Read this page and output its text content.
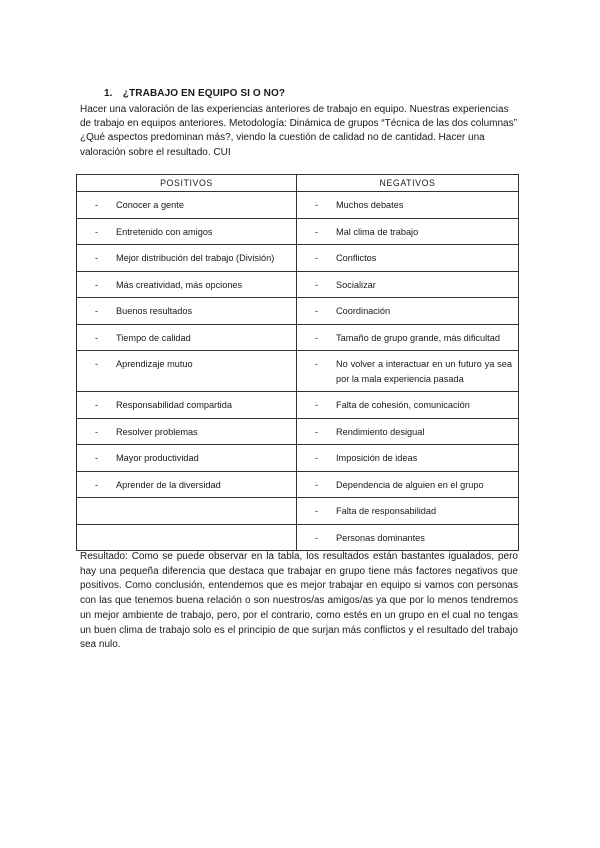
1. ¿TRABAJO EN EQUIPO SI O NO?
Hacer una valoración de las experiencias anteriores de trabajo en equipo. Nuestras experiencias de trabajo en equipos anteriores. Metodología: Dinámica de grupos “Técnica de las dos columnas” ¿Qué aspectos predominan más?, viendo la cuestión de calidad no de cantidad. Hacer una valoración sobre el resultado. CUI
POSITIVOS	NEGATIVOS

- Conocer a gente	- Muchos debates

- Entretenido con amigos	- Mal clima de trabajo

- Mejor distribución del trabajo (División)	- Conflictos

- Más creatividad, más opciones	- Socializar

- Buenos resultados	- Coordinación

- Tiempo de calidad	- Tamaño de grupo grande, más dificultad

- Aprendizaje mutuo	- No volver a interactuar en un futuro ya sea por la mala experiencia pasada

- Responsabilidad compartida	- Falta de cohesión, comunicación

- Resolver problemas	- Rendimiento desigual

- Mayor productividad	- Imposición de ideas

- Aprender de la diversidad	- Dependencia de alguien en el grupo

	- Falta de responsabilidad

	- Personas dominantes
Resultado: Como se puede observar en la tabla, los resultados están bastantes igualados, pero hay una pequeña diferencia que destaca que trabajar en grupo tiene más factores negativos que positivos. Como conclusión, entendemos que es mejor trabajar en equipo si vamos con personas con las que tenemos buena relación o son nuestros/as amigos/as ya que por lo menos tendremos un mejor ambiente de trabajo, pero, por el contrario, como estés en un grupo en el cual no tengas un buen clima de trabajo solo es el principio de que surjan más conflictos y el resultado del trabajo sea nulo.
